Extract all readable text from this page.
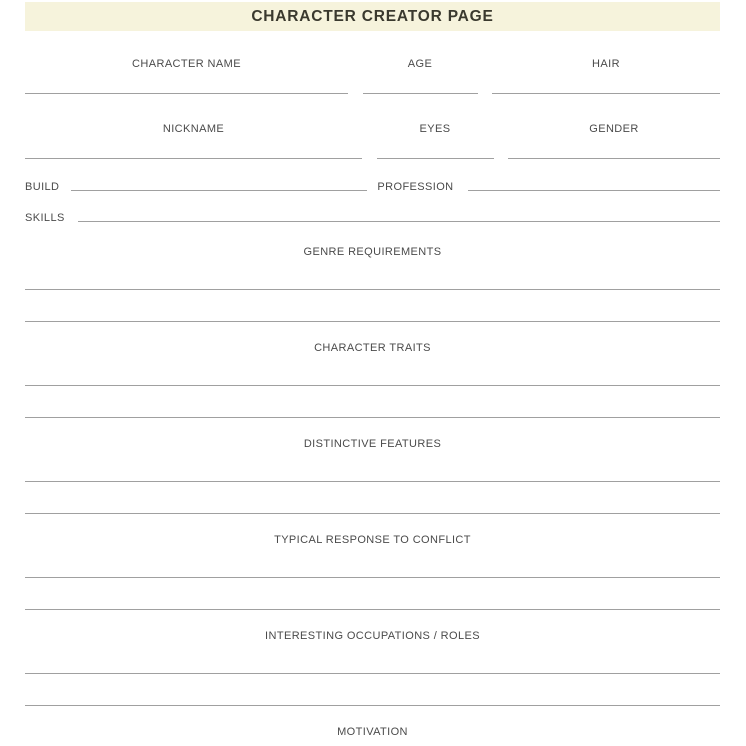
CHARACTER CREATOR PAGE
CHARACTER NAME	AGE	HAIR
NICKNAME	EYES	GENDER
BUILD	PROFESSION
SKILLS
GENRE REQUIREMENTS
CHARACTER TRAITS
DISTINCTIVE FEATURES
TYPICAL RESPONSE TO CONFLICT
INTERESTING OCCUPATIONS / ROLES
MOTIVATION
